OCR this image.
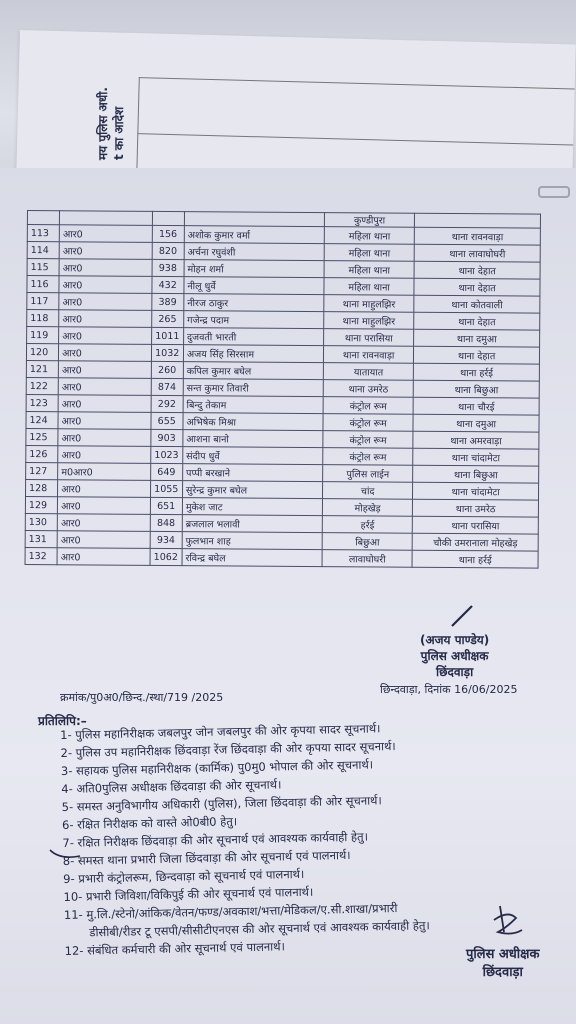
मय पुलिस अधी. t का आदेश
				कुण्डीपुरा	
113	आर0	156	अशोक कुमार वर्मा	महिला थाना	थाना रावनवाड़ा
114	आर0	820	अर्चना रघुवंशी	महिला थाना	थाना लावाघोघरी
115	आर0	938	मोहन शर्मा	महिला थाना	थाना देहात
116	आर0	432	नीलू धुर्वे	महिला थाना	थाना देहात
117	आर0	389	नीरज ठाकुर	थाना माहुलझिर	थाना कोतवाली
118	आर0	265	गजेन्द्र पदाम	थाना माहुलझिर	थाना देहात
119	आर0	1011	दुजवती भारती	थाना परासिया	थाना दमुआ
120	आर0	1032	अजय सिंह सिरसाम	थाना रावनवाड़ा	थाना देहात
121	आर0	260	कपिल कुमार बघेल	यातायात	थाना हर्रई
122	आर0	874	सन्त कुमार तिवारी	थाना उमरेठ	थाना बिछुआ
123	आर0	292	बिन्दु तेकाम	कंट्रोल रूम	थाना चौरई
124	आर0	655	अभिषेक मिश्रा	कंट्रोल रूम	थाना दमुआ
125	आर0	903	आशना बानो	कंट्रोल रूम	थाना अमरवाड़ा
126	आर0	1023	संदीप धुर्वे	कंट्रोल रूम	थाना चांदामेटा
127	म0आर0	649	पप्पी बरखाने	पुलिस लाईन	थाना बिछुआ
128	आर0	1055	सुरेन्द्र कुमार बघेल	चांद	थाना चांदामेटा
129	आर0	651	मुकेश जाट	मोहखेड़	थाना उमरेठ
130	आर0	848	ब्रजलाल भलावी	हर्रई	थाना परासिया
131	आर0	934	फुलभान शाह	बिछुआ	चौकी उमरानाला मोहखेड़
132	आर0	1062	रविन्द्र बघेल	लावाघोघरी	थाना हर्रई
(अजय पाण्डेय)
पुलिस अधीक्षक
छिंदवाड़ा
छिन्दवाड़ा, दिनांक 16/06/2025
क्रमांक/पु0अ0/छिन्द./स्था/719 /2025
प्रतिलिपि:–
1- पुलिस महानिरीक्षक जबलपुर जोन जबलपुर की ओर कृपया सादर सूचनार्थ।
2- पुलिस उप महानिरीक्षक छिंदवाड़ा रेंज छिंदवाड़ा की ओर कृपया सादर सूचनार्थ।
3- सहायक पुलिस महानिरीक्षक (कार्मिक) पु0मु0 भोपाल की ओर सूचनार्थ।
4- अति0पुलिस अधीक्षक छिंदवाड़ा की ओर सूचनार्थ।
5- समस्त अनुविभागीय अधिकारी (पुलिस), जिला छिंदवाड़ा की ओर सूचनार्थ।
6- रक्षित निरीक्षक को वास्ते ओ0बी0 हेतु।
7- रक्षित निरीक्षक छिंदवाड़ा की ओर सूचनार्थ एवं आवश्यक कार्यवाही हेतु।
8- समस्त थाना प्रभारी जिला छिंदवाड़ा की ओर सूचनार्थ एवं पालनार्थ।
9- प्रभारी कंट्रोलरूम, छिन्दवाड़ा को सूचनार्थ एवं पालनार्थ।
10- प्रभारी जिविशा/विकिपुई की ओर सूचनार्थ एवं पालनार्थ।
11- मु.लि./स्टेनो/आंकिक/वेतन/फण्ड/अवकाश/भत्ता/मेडिकल/ए.सी.शाखा/प्रभारी
डीसीबी/रीडर टू एसपी/सीसीटीएनएस की ओर सूचनार्थ एवं आवश्यक कार्यवाही हेतु।
12- संबंधित कर्मचारी की ओर सूचनार्थ एवं पालनार्थ।	पुलिस अधीक्षक
छिंदवाड़ा
